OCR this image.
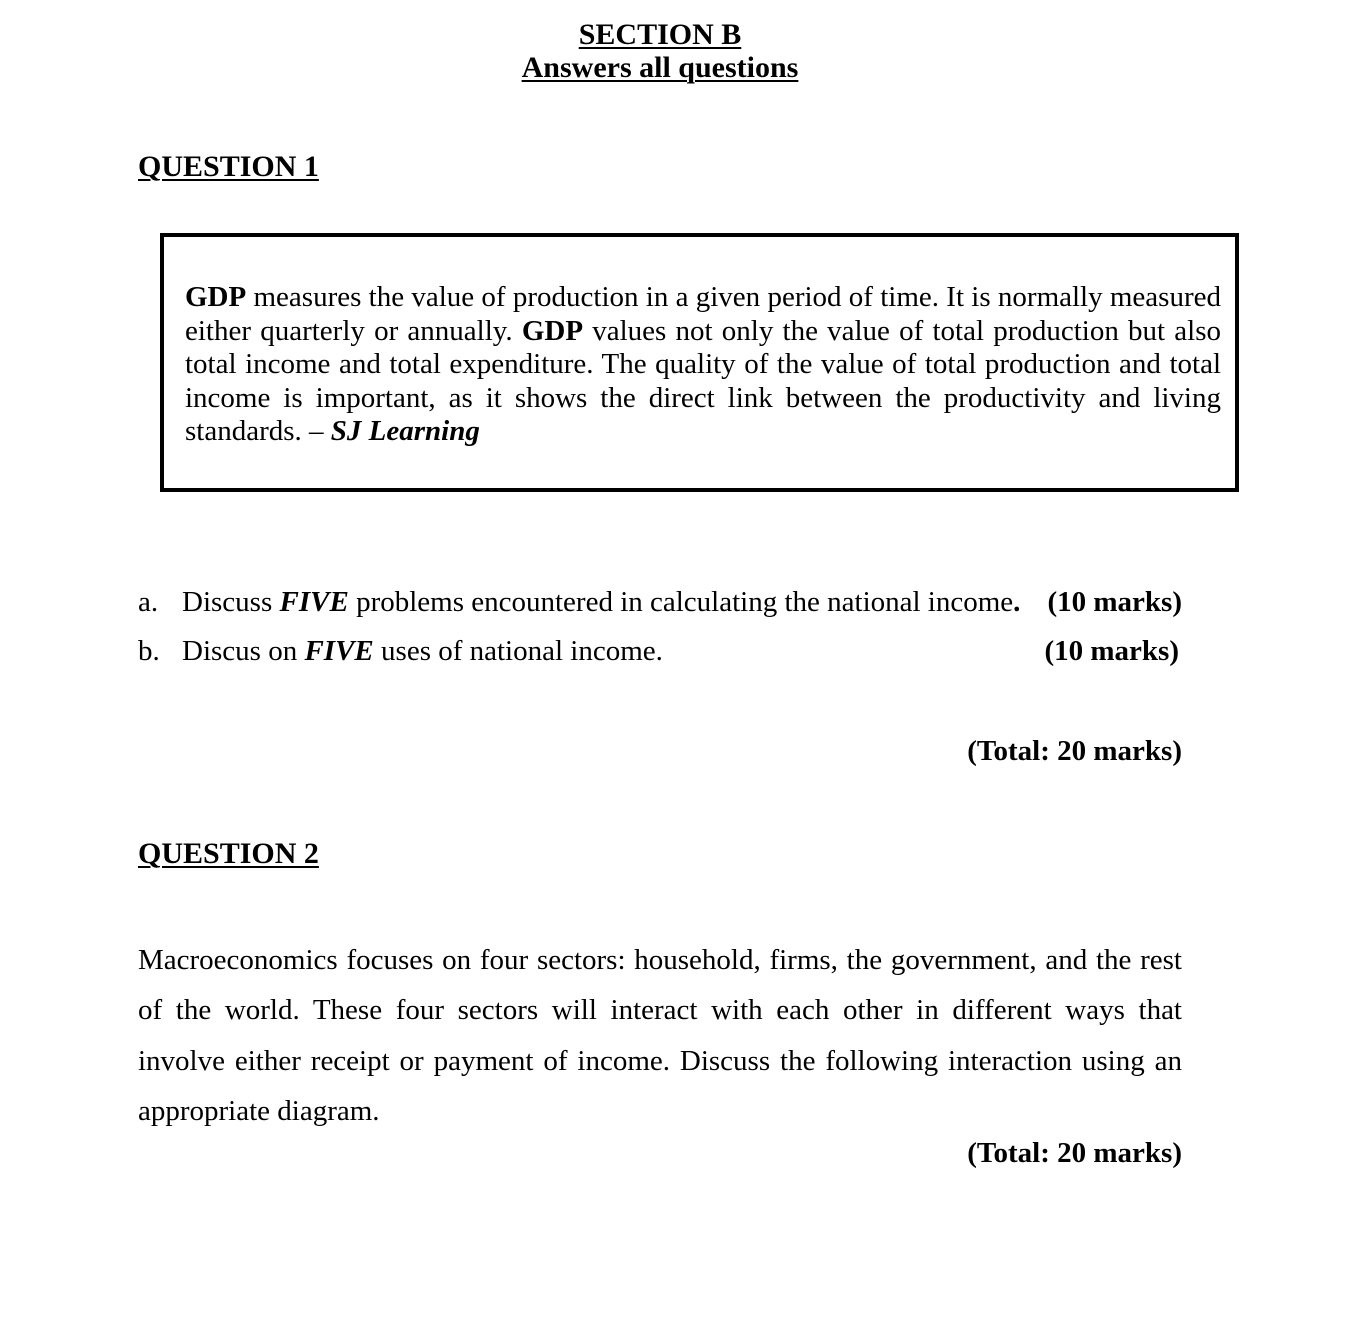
SECTION B
Answers all questions
QUESTION 1
GDP measures the value of production in a given period of time. It is normally measured either quarterly or annually. GDP values not only the value of total production but also total income and total expenditure. The quality of the value of total production and total income is important, as it shows the direct link between the productivity and living standards. – SJ Learning
a. Discuss FIVE problems encountered in calculating the national income. (10 marks)
b. Discus on FIVE uses of national income.	(10 marks)
(Total: 20 marks)
QUESTION 2
Macroeconomics focuses on four sectors: household, firms, the government, and the rest of the world. These four sectors will interact with each other in different ways that involve either receipt or payment of income. Discuss the following interaction using an appropriate diagram.
(Total: 20 marks)
